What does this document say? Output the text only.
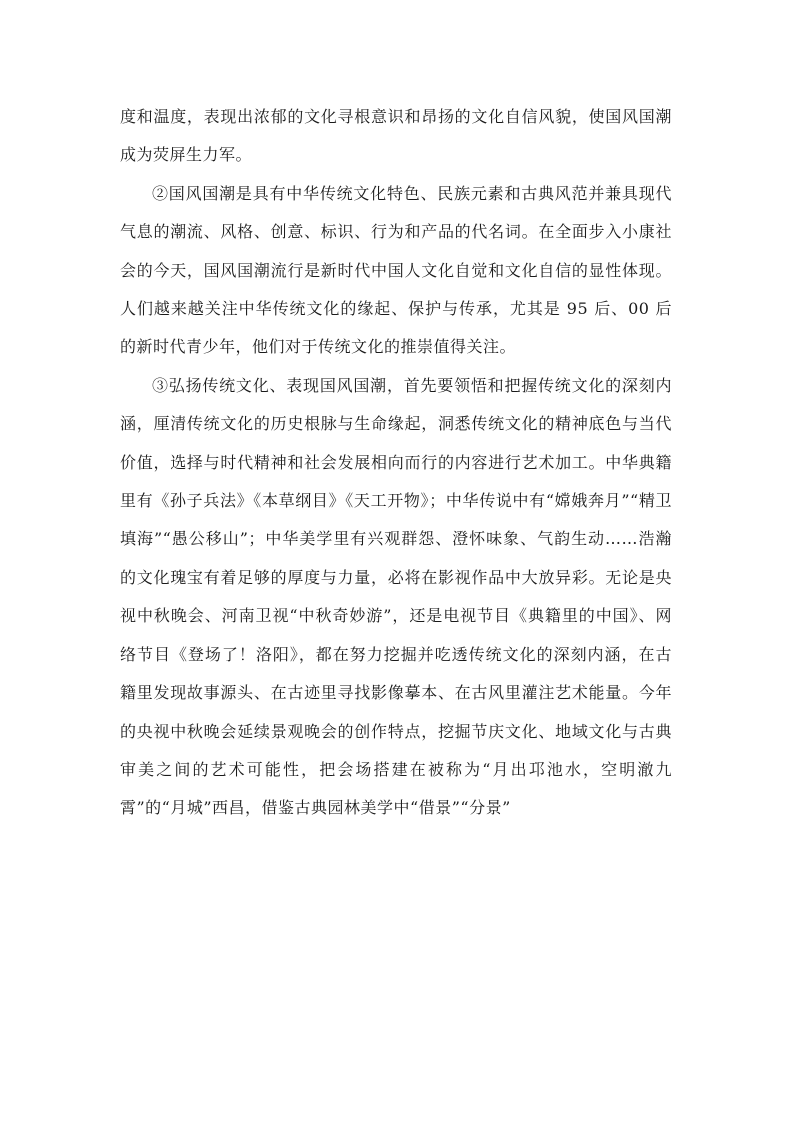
度和温度，表现出浓郁的文化寻根意识和昂扬的文化自信风貌，使国风国潮成为荧屏生力军。

②国风国潮是具有中华传统文化特色、民族元素和古典风范并兼具现代气息的潮流、风格、创意、标识、行为和产品的代名词。在全面步入小康社会的今天，国风国潮流行是新时代中国人文化自觉和文化自信的显性体现。人们越来越关注中华传统文化的缘起、保护与传承，尤其是 95 后、00 后的新时代青少年，他们对于传统文化的推崇值得关注。

③弘扬传统文化、表现国风国潮，首先要领悟和把握传统文化的深刻内涵，厘清传统文化的历史根脉与生命缘起，洞悉传统文化的精神底色与当代价值，选择与时代精神和社会发展相向而行的内容进行艺术加工。中华典籍里有《孙子兵法》《本草纲目》《天工开物》；中华传说中有“嫦娥奔月”“精卫填海”“愚公移山”；中华美学里有兴观群怨、澄怀味象、气韵生动……浩瀚的文化瑰宝有着足够的厚度与力量，必将在影视作品中大放异彩。无论是央视中秋晚会、河南卫视“中秋奇妙游”，还是电视节目《典籍里的中国》、网络节目《登场了！洛阳》，都在努力挖掘并吃透传统文化的深刻内涵，在古籍里发现故事源头、在古迹里寻找影像摹本、在古风里灌注艺术能量。今年的央视中秋晚会延续景观晚会的创作特点，挖掘节庆文化、地域文化与古典审美之间的艺术可能性，把会场搭建在被称为“月出邛池水，空明澈九霄”的“月城”西昌，借鉴古典园林美学中“借景”“分景”
